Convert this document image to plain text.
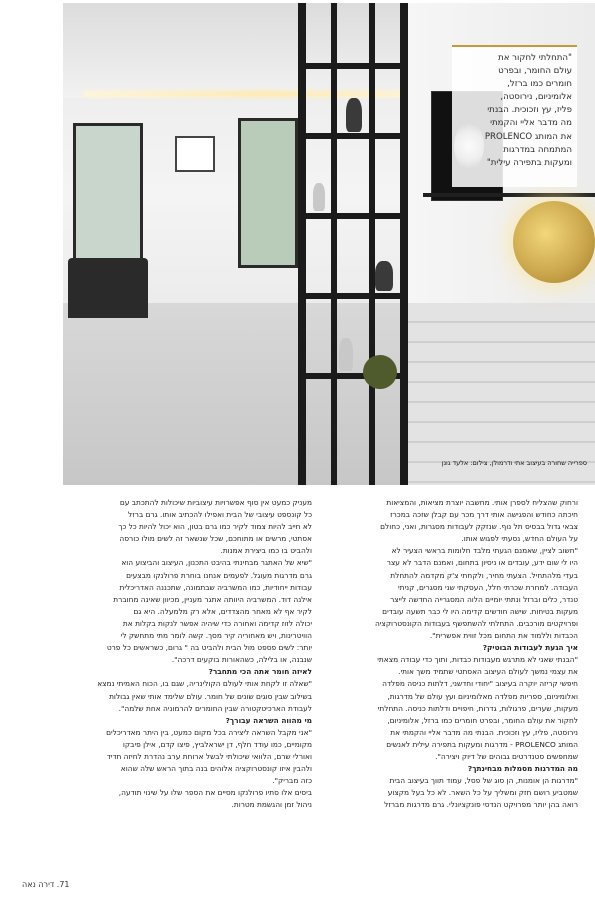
ספרייה שחורה בעיצוב אתי ודרמולן, צילום: אלעד גונן
"התחלתי לחקור את
עולם החומר, ובפרט
חומרים כמו ברזל,
אלומיניום, נירוסטה,
פליז, עץ וזכוכית. הבנתי
מה מדבר אליי והקמתי
את המותג PROLENCO
המתמחה במדרגות
ומעקות בתפירה עילית"
ורחוק שהצליח לספרן אותי. מחשבה יוצרת מציאות, והמציאות
חיכתה כחודש והפגישה אותי דרך מכר עם קבלן שזכה במכרז
צבאי גדול בבסיס תל נוף. שנזקק לעבודות מסגרות, ואני, כחולם
על העולם החדש, נסעתי לפגוש אותו.
"חשוב לציין, שאמנם הגעתי מלבד חלומות בראשי הצעיר לא
היו לי שום ידע, עובדים או ניסיון בתחום, ואמנם הדבר לא עצר
בעדי מלהתחיל. הצעתי מחיר, ולקחתי צ'ק מקדמה להתחלת
העבודה. למחרת שכרתי חלל, העסקתי שני מסגרים, קניתי
טנדר, כלים וברזל ונתתי יומיים הלוה המסגרייה החדשה לייצר
מעקות בטיחות. שישה חודשים קדימה היו לי כבר תשעה עובדים
ופרויקטים מורכבים. התחלתי להשתפשף בעבודות הקונסטרוקציה
הכבדות וללמוד את התחום מכל זווית אפשרית".
איך הגעת לעבודות הבוטיק?
"הבנתי שאני לא מתרגש מעבודות כבדות, ותוך כדי עבודה מצאתי
את עצמי נמשך לעולם העיצוב האסתטי שתמיד משך אותי.
חיפשי קריזה יוקרה בעיצוב "יחודי וחדשני, דלתות כניסה מפלדה
ואלומיניום, ספריות מפלדה מאלומיניום ועץ עולם של מדרגות,
מעקות, שערים, פרגולות, גדרות, חיפויים ודלתות כניסה. התחלתי
לחקור את עולם החומר, ובפרט חומרים כמו ברזל, אלומיניום,
נירוסטה, פליז, עץ וזכוכית. הבנתי מה מדבר אליי והקמתי את
המותג PROLENCO - מדרגות ומעקות בתפירה עילית לאנשים
שמחפשים סטנדרטים גבוהים של דיוק ויצירה".
מה המדרגות מסמלות מבחינתך?
"מדרגות הן אומנות, הן סוג של פסל, עמוד תווך בעיצוב הבית
שמטביע רושם חזק ומשליך על כל השאר. לא כל בעל מקצוע
רואה בהן יותר מפרויקט הנדסי פונקציונלי. גרם מדרגות מברזל
מעניק כמעט אין סוף אפשרויות עיצוביות שיכולות להתכתב עם
כל קונספט עיצובי של הבית ואפילו להכתיב אותו. גרם ברזל
לא חייב להיות צמוד לקיר כמו גרם בטון, הוא יכול להיות כל כך
אסתטי, מרשים או מתוחכם, שכל שנשאר זה לשים מולו כורסה
ולהביט בו כמו ביצירת אמנות.
"שיא של האתגר מבחינתי בהיבט התכנון, העיצוב והביצוע הוא
גרם מדרגות מעוגל. לפעמים אנחנו בוחרת פרולנקו מבצעים
עבודות ייחודיות, כמו המשרביה שבתמונה, שתכננה האדריכלית
אילנה דוד. המשרביה היוותה אתגר מעניין, מכיוון שאינה מחוברת
לקיר אף לא מאחר מהצדדים, אלא רק מלמעלה. היא גם
יכולה לזוז קדימה ואחורה כדי שיהיה אפשר לנקות בקלות את
הוויטרינות, ויש מאחוריה קיר מסך. קשה לומר מתי מתחשק לי
יותר: לשים פספט מול הבית ולהביט בה " גרום, כשראשים כל פרט
שנבנה, או בלילה, כשהאורות בוקעים דרכה".
לאיזה חומר אתה הכי מתחבר?
"שאלה זו לקחת אותי לעולם הקולינריה, שגם בו, הכוח האמיתי נמצא
בשילוב שבין סוגים שונים של חומר. עולם שלימד אותי שאין גבולות
לעבודת הארכיטקטורה שבין החומרים להרמוניה אחת שלמה".
מי מהווה השראה עבורך?
"אני מקבל השראה ליצירה בכל מקום כמעט, בין היתר מאדריכלים
מקומיים, כמו עודד חלף, דן ישראלביץ, פיצו קדם, אילן פיבקו
ואורלי שרם, הלוואי שיכולתי לבשל ארוחת ערב נהדרת לחיזה חדיד
ולהבין איזו קונסטרוקציה אלוהים בנה בתוך הראש שלה שהוא
כזה מבריק".
ביסים אלו סתיו פרולנקו מסיים את הספר שלו על שינוי תודעה,
ניהול זמן והגשמת מטרות.
71. דירה נאה
